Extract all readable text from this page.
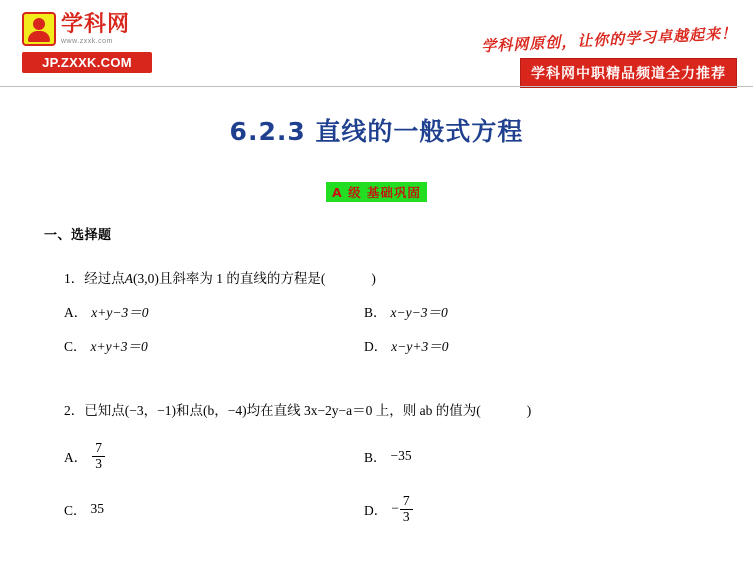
学科网
www.zxxk.com
JP.ZXXK.COM
学科网原创，让你的学习卓越起来！
学科网中职精品频道全力推荐
6.2.3 直线的一般式方程
A 级 基础巩固
一、选择题
1．经过点A(3,0)且斜率为 1 的直线的方程是(	)
A． x+y−3＝0	B． x−y−3＝0
C． x+y+3＝0	D． x−y+3＝0
2．已知点(−3，−1)和点(b，−4)均在直线 3x−2y−a＝0 上，则 ab 的值为(	)
A． $\frac{7}{3}$	B． −35
C． 35	D． − $\frac{7}{3}$
